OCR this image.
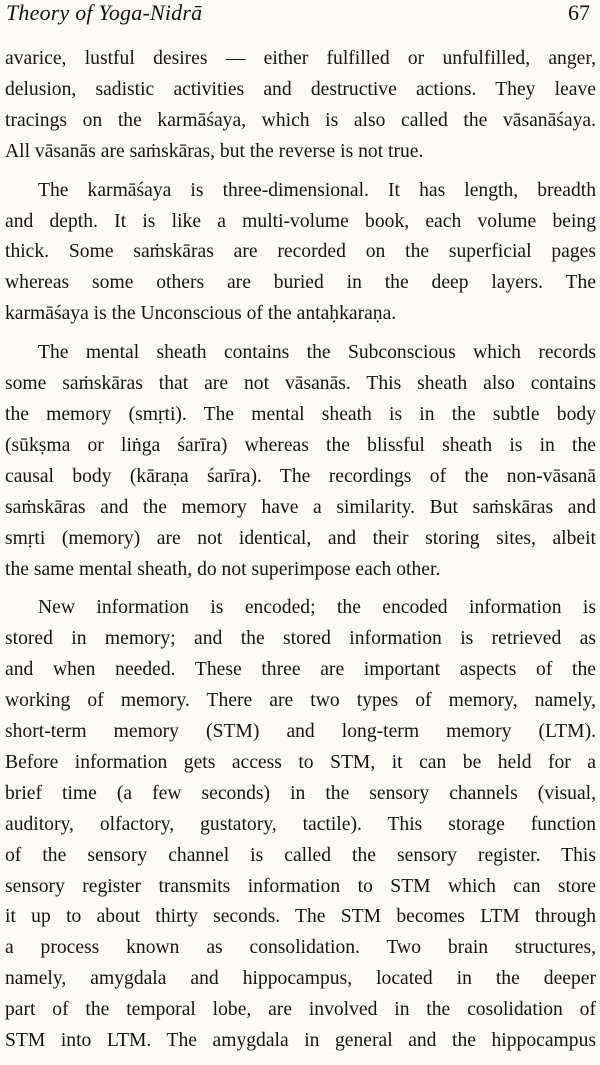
Theory of Yoga-Nidrā	67

avarice, lustful desires — either fulfilled or unfulfilled, anger,
delusion, sadistic activities and destructive actions. They leave
tracings on the karmāśaya, which is also called the vāsanāśaya.
All vāsanās are saṁskāras, but the reverse is not true.

The karmāśaya is three-dimensional. It has length, breadth
and depth. It is like a multi-volume book, each volume being
thick. Some saṁskāras are recorded on the superficial pages
whereas some others are buried in the deep layers. The
karmāśaya is the Unconscious of the antaḥkaraṇa.

The mental sheath contains the Subconscious which records
some saṁskāras that are not vāsanās. This sheath also contains
the memory (smṛti). The mental sheath is in the subtle body
(sūkṣma or liṅga śarīra) whereas the blissful sheath is in the
causal body (kāraṇa śarīra). The recordings of the non-vāsanā
saṁskāras and the memory have a similarity. But saṁskāras and
smṛti (memory) are not identical, and their storing sites, albeit
the same mental sheath, do not superimpose each other.

New information is encoded; the encoded information is
stored in memory; and the stored information is retrieved as
and when needed. These three are important aspects of the
working of memory. There are two types of memory, namely,
short-term memory (STM) and long-term memory (LTM).
Before information gets access to STM, it can be held for a
brief time (a few seconds) in the sensory channels (visual,
auditory, olfactory, gustatory, tactile). This storage function
of the sensory channel is called the sensory register. This
sensory register transmits information to STM which can store
it up to about thirty seconds. The STM becomes LTM through
a process known as consolidation. Two brain structures,
namely, amygdala and hippocampus, located in the deeper
part of the temporal lobe, are involved in the cosolidation of
STM into LTM. The amygdala in general and the hippocampus
